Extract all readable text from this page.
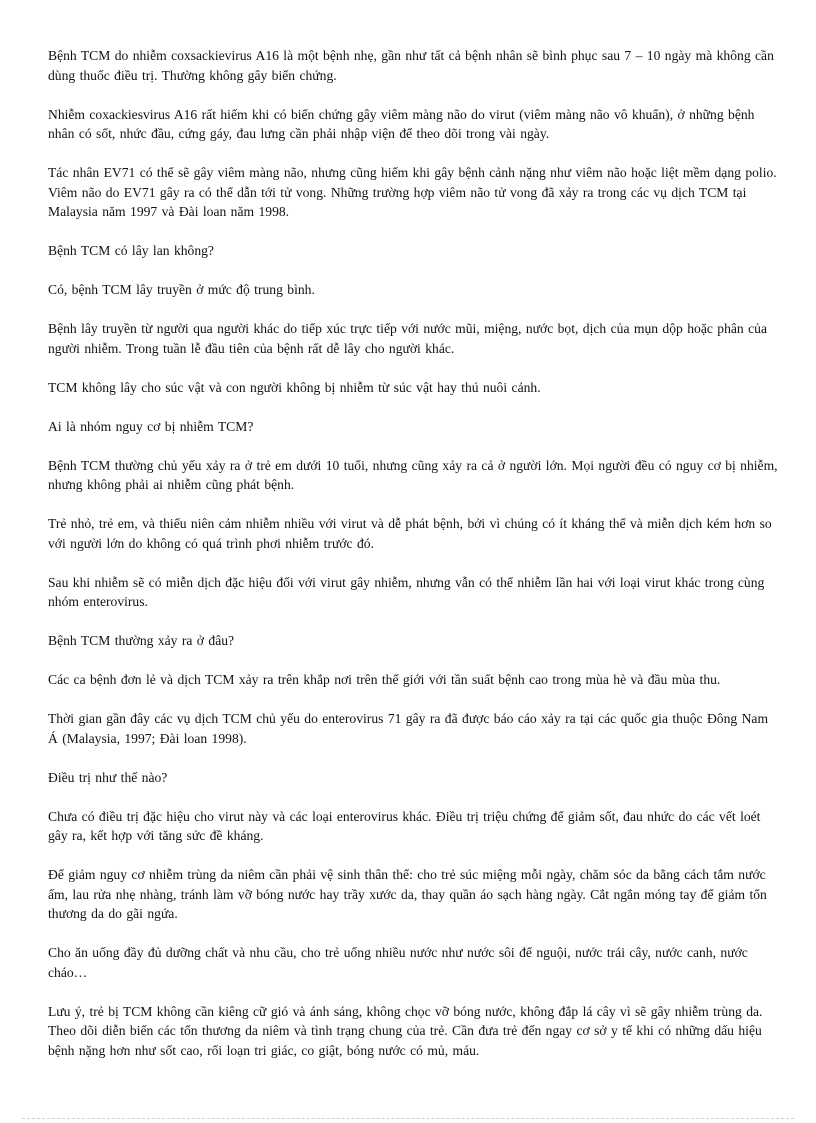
Bệnh TCM do nhiễm coxsackievirus A16 là một bệnh nhẹ, gần như tất cả bệnh nhân sẽ bình phục sau 7 – 10 ngày mà không cần dùng thuốc điều trị. Thường không gây biến chứng.

Nhiễm coxackiesvirus A16 rất hiếm khi có biến chứng gây viêm màng não do virut (viêm màng não vô khuẩn), ở những bệnh nhân có sốt, nhức đầu, cứng gáy, đau lưng cần phải nhập viện để theo dõi trong vài ngày.

Tác nhân EV71 có thể sẽ gây viêm màng não, nhưng cũng hiếm khi gây bệnh cảnh nặng như viêm não hoặc liệt mềm dạng polio. Viêm não do EV71 gây ra có thể dẫn tới tử vong. Những trường hợp viêm não tử vong đã xảy ra trong các vụ dịch TCM tại Malaysia năm 1997 và Đài loan năm 1998.

Bệnh TCM có lây lan không?

Có, bệnh TCM lây truyền ở mức độ trung bình.

Bệnh lây truyền từ người qua người khác do tiếp xúc trực tiếp với nước mũi, miệng, nước bọt, dịch của mụn dộp hoặc phân của người nhiễm. Trong tuần lễ đầu tiên của bệnh rất dễ lây cho người khác.

TCM không lây cho súc vật và con người không bị nhiễm từ súc vật hay thú nuôi cảnh.

Ai là nhóm nguy cơ bị nhiễm TCM?

Bệnh TCM thường chủ yếu xảy ra ở trẻ em dưới 10 tuổi, nhưng cũng xảy ra cả ở người lớn. Mọi người đều có nguy cơ bị nhiễm, nhưng không phải ai nhiễm cũng phát bệnh.

Trẻ nhỏ, trẻ em, và thiếu niên cảm nhiễm nhiều với virut và dễ phát bệnh, bởi vì chúng có ít kháng thể và miễn dịch kém hơn so với người lớn do không có quá trình phơi nhiễm trước đó.

Sau khi nhiễm sẽ có miễn dịch đặc hiệu đối với virut gây nhiễm, nhưng vẫn có thể nhiễm lần hai với loại virut khác trong cùng nhóm enterovirus.

Bệnh TCM thường xảy ra ở đâu?

Các ca bệnh đơn lẻ và dịch TCM xảy ra trên khắp nơi trên thế giới với tần suất bệnh cao trong mùa hè và đầu mùa thu.

Thời gian gần đây các vụ dịch TCM chủ yếu do enterovirus 71 gây ra đã được báo cáo xảy ra tại các quốc gia thuộc Đông Nam Á (Malaysia, 1997; Đài loan 1998).

Điều trị như thế nào?

Chưa có điều trị đặc hiệu cho virut này và các loại enterovirus khác. Điều trị triệu chứng để giảm sốt, đau nhức do các vết loét gây ra, kết hợp với tăng sức đề kháng.

Để giảm nguy cơ nhiễm trùng da niêm cần phải vệ sinh thân thể: cho trẻ súc miệng mỗi ngày, chăm sóc da bằng cách tắm nước ấm, lau rửa nhẹ nhàng, tránh làm vỡ bóng nước hay trầy xước da, thay quần áo sạch hàng ngày. Cắt ngắn móng tay để giảm tổn thương da do gãi ngứa.

Cho ăn uống đầy đủ dưỡng chất và nhu cầu, cho trẻ uống nhiều nước như nước sôi để nguội, nước trái cây, nước canh, nước cháo…

Lưu ý, trẻ bị TCM không cần kiêng cữ gió và ánh sáng, không chọc vỡ bóng nước, không đắp lá cây vì sẽ gây nhiễm trùng da. Theo dõi diễn biến các tổn thương da niêm và tình trạng chung của trẻ. Cần đưa trẻ đến ngay cơ sở y tế khi có những dấu hiệu bệnh nặng hơn như sốt cao, rối loạn tri giác, co giật, bóng nước có mủ, máu.
